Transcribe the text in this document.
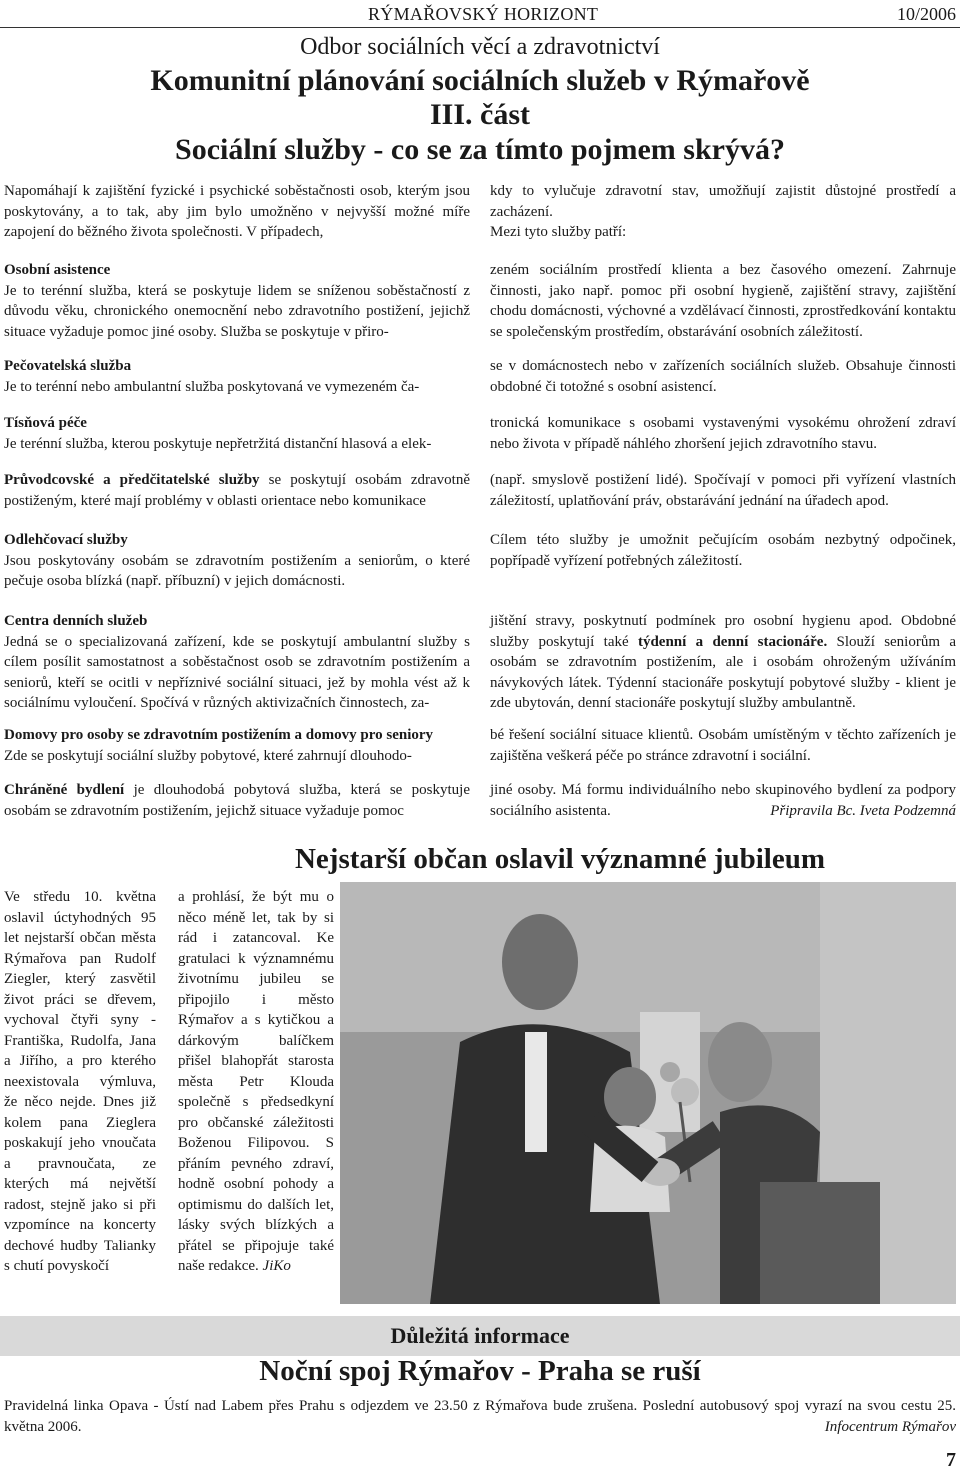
RÝMAŘOVSKÝ HORIZONT	10/2006
Odbor sociálních věcí a zdravotnictví
Komunitní plánování sociálních služeb v Rýmařově
III. část
Sociální služby - co se za tímto pojmem skrývá?
Napomáhají k zajištění fyzické i psychické soběstačnosti osob, kterým jsou poskytovány, a to tak, aby jim bylo umožněno v nejvyšší možné míře zapojení do běžného života společnosti. V případech,
kdy to vylučuje zdravotní stav, umožňují zajistit důstojné prostředí a zacházení.
Mezi tyto služby patří:
Osobní asistence
Je to terénní služba, která se poskytuje lidem se sníženou soběstačností z důvodu věku, chronického onemocnění nebo zdravotního postižení, jejichž situace vyžaduje pomoc jiné osoby. Služba se poskytuje v přiro-
zeném sociálním prostředí klienta a bez časového omezení. Zahrnuje činnosti, jako např. pomoc při osobní hygieně, zajištění stravy, zajištění chodu domácnosti, výchovné a vzdělávací činnosti, zprostředkování kontaktu se společenským prostředím, obstarávání osobních záležitostí.
Pečovatelská služba
Je to terénní nebo ambulantní služba poskytovaná ve vymezeném ča-
se v domácnostech nebo v zařízeních sociálních služeb. Obsahuje činnosti obdobné či totožné s osobní asistencí.
Tísňová péče
Je terénní služba, kterou poskytuje nepřetržitá distanční hlasová a elek-
tronická komunikace s osobami vystavenými vysokému ohrožení zdraví nebo života v případě náhlého zhoršení jejich zdravotního stavu.
Průvodcovské a předčitatelské služby se poskytují osobám zdravotně postiženým, které mají problémy v oblasti orientace nebo komunikace
(např. smyslově postižení lidé). Spočívají v pomoci při vyřízení vlastních záležitostí, uplatňování práv, obstarávání jednání na úřadech apod.
Odlehčovací služby
Jsou poskytovány osobám se zdravotním postižením a seniorům, o které pečuje osoba blízká (např. příbuzní) v jejich domácnosti.
Cílem této služby je umožnit pečujícím osobám nezbytný odpočinek, popřípadě vyřízení potřebných záležitostí.
Centra denních služeb
Jedná se o specializovaná zařízení, kde se poskytují ambulantní služby s cílem posílit samostatnost a soběstačnost osob se zdravotním postižením a seniorů, kteří se ocitli v nepříznivé sociální situaci, jež by mohla vést až k sociálnímu vyloučení. Spočívá v různých aktivizačních činnostech, za-
jištění stravy, poskytnutí podmínek pro osobní hygienu apod. Obdobné služby poskytují také týdenní a denní stacionáře. Slouží seniorům a osobám se zdravotním postižením, ale i osobám ohroženým užíváním návykových látek. Týdenní stacionáře poskytují pobytové služby - klient je zde ubytován, denní stacionáře poskytují služby ambulantně.
Domovy pro osoby se zdravotním postižením a domovy pro seniory
Zde se poskytují sociální služby pobytové, které zahrnují dlouhodo-
bé řešení sociální situace klientů. Osobám umístěným v těchto zařízeních je zajištěna veškerá péče po stránce zdravotní i sociální.
Chráněné bydlení je dlouhodobá pobytová služba, která se poskytuje osobám se zdravotním postižením, jejichž situace vyžaduje pomoc
jiné osoby. Má formu individuálního nebo skupinového bydlení za podpory sociálního asistenta.	Připravila Bc. Iveta Podzemná
Nejstarší občan oslavil významné jubileum
Ve středu 10. května oslavil úctyhodných 95 let nejstarší občan města Rýmařova pan Rudolf Ziegler, který zasvětil život práci se dřevem, vychoval čtyři syny - Františka, Rudolfa, Jana a Jiřího, a pro kterého neexistovala výmluva, že něco nejde. Dnes již kolem pana Zieglera poskakují jeho vnoučata a pravnoučata, ze kterých má největší radost, stejně jako si při vzpomínce na koncerty dechové hudby Talianky s chutí povyskočí
a prohlásí, že být mu o něco méně let, tak by si rád i zatancoval. Ke gratulaci k významnému životnímu jubileu se připojilo i město Rýmařov a s kytičkou a dárkovým balíčkem přišel blahopřát starosta města Petr Klouda společně s předsedkyní pro občanské záležitosti Boženou Filipovou. S přáním pevného zdraví, hodně osobní pohody a optimismu do dalších let, lásky svých blízkých a přátel se připojuje také naše redakce. JiKo
Důležitá informace
Noční spoj Rýmařov - Praha se ruší
Pravidelná linka Opava - Ústí nad Labem přes Prahu s odjezdem ve 23.50 z Rýmařova bude zrušena. Poslední autobusový spoj vyrazí na svou cestu 25. května 2006.	Infocentrum Rýmařov
7
